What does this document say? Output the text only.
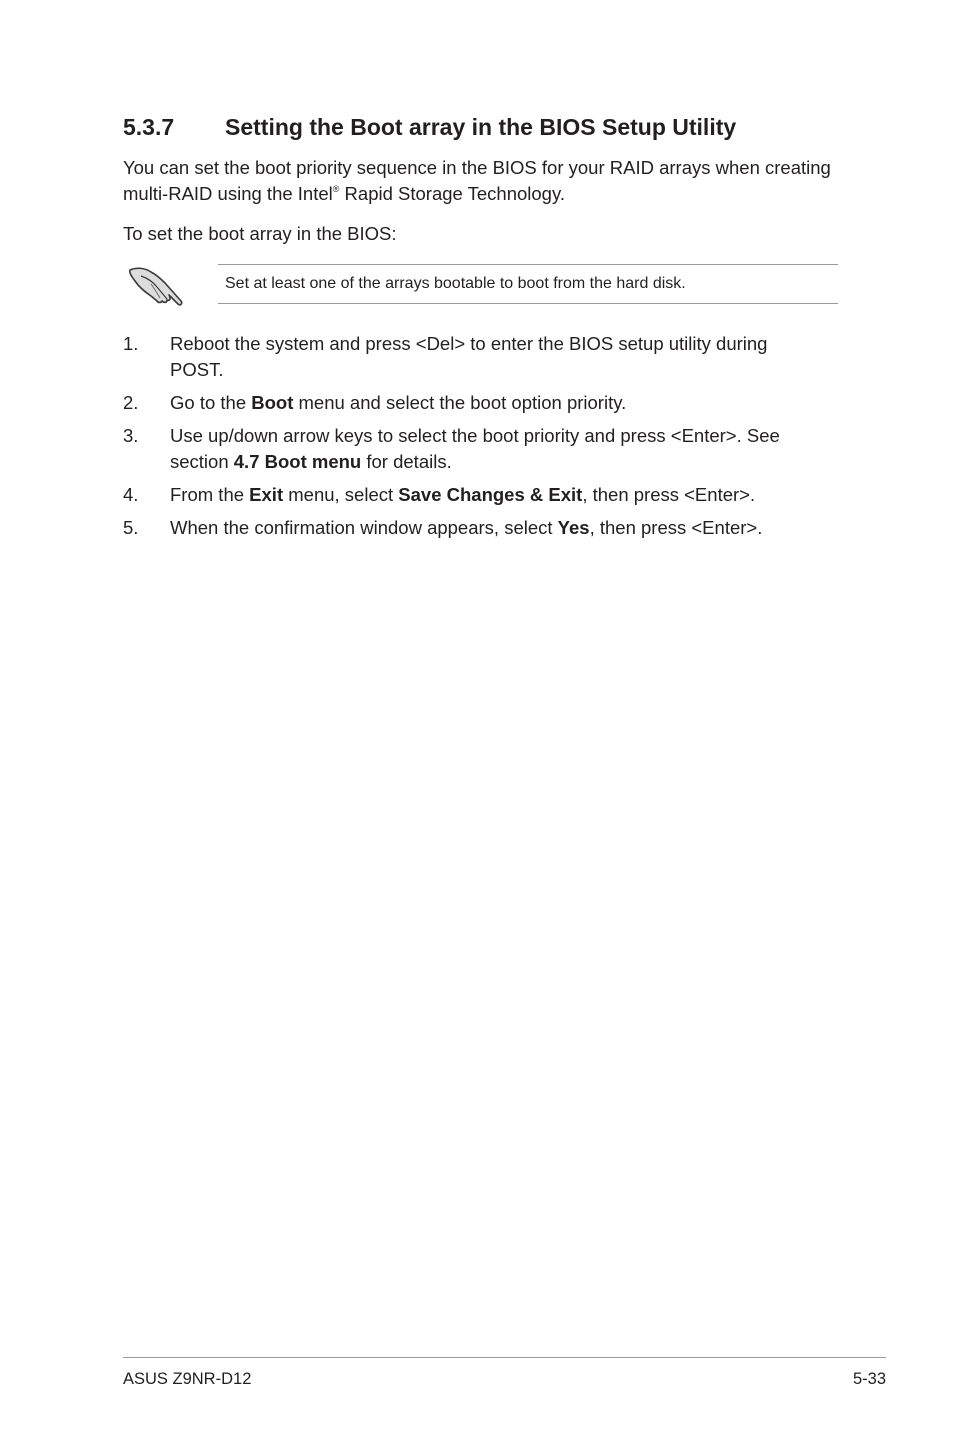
5.3.7 Setting the Boot array in the BIOS Setup Utility

You can set the boot priority sequence in the BIOS for your RAID arrays when creating multi-RAID using the Intel® Rapid Storage Technology.

To set the boot array in the BIOS:

Set at least one of the arrays bootable to boot from the hard disk.
1. Reboot the system and press <Del> to enter the BIOS setup utility during POST.
2. Go to the Boot menu and select the boot option priority.
3. Use up/down arrow keys to select the boot priority and press <Enter>. See section 4.7 Boot menu for details.
4. From the Exit menu, select Save Changes & Exit, then press <Enter>.
5. When the confirmation window appears, select Yes, then press <Enter>.
ASUS Z9NR-D12	5-33
